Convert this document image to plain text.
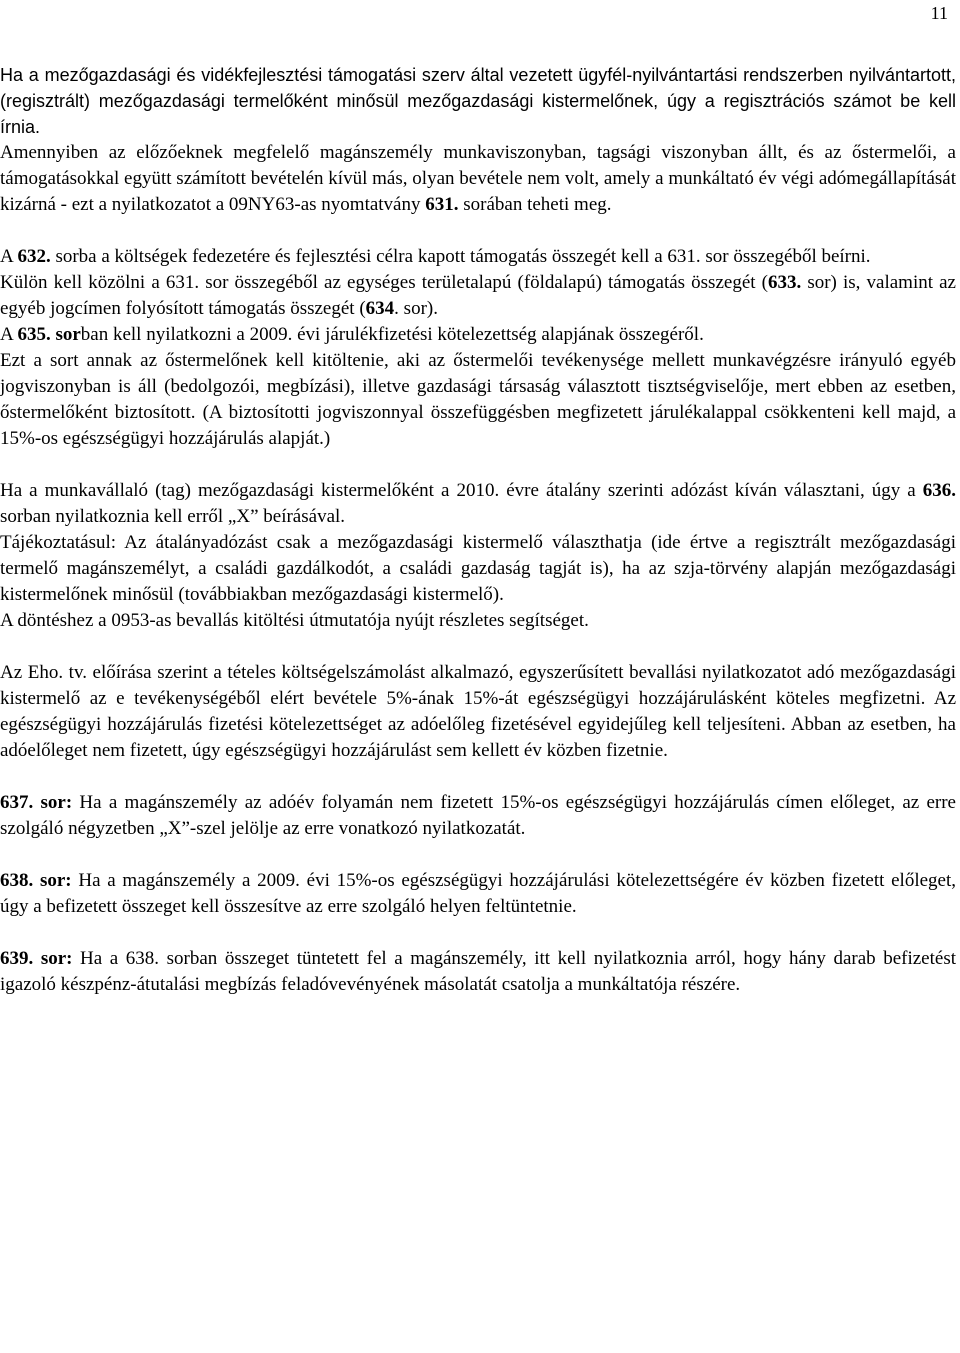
11

Ha a mezőgazdasági és vidékfejlesztési támogatási szerv által vezetett ügyfél-nyilvántartási rendszerben nyilvántartott, (regisztrált) mezőgazdasági termelőként minősül mezőgazdasági kistermelőnek, úgy a regisztrációs számot be kell írnia.

Amennyiben az előzőeknek megfelelő magánszemély munkaviszonyban, tagsági viszonyban állt, és az őstermelői, a támogatásokkal együtt számított bevételén kívül más, olyan bevétele nem volt, amely a munkáltató év végi adómegállapítását kizárná - ezt a nyilatkozatot a 09NY63-as nyomtatvány 631. sorában teheti meg.

A 632. sorba a költségek fedezetére és fejlesztési célra kapott támogatás összegét kell a 631. sor összegéből beírni.

Külön kell közölni a 631. sor összegéből az egységes területalapú (földalapú) támogatás összegét (633. sor) is, valamint az egyéb jogcímen folyósított támogatás összegét (634. sor).

A 635. sorban kell nyilatkozni a 2009. évi járulékfizetési kötelezettség alapjának összegéről.

Ezt a sort annak az őstermelőnek kell kitöltenie, aki az őstermelői tevékenysége mellett munkavégzésre irányuló egyéb jogviszonyban is áll (bedolgozói, megbízási), illetve gazdasági társaság választott tisztségviselője, mert ebben az esetben, őstermelőként biztosított. (A biztosítotti jogviszonnyal összefüggésben megfizetett járulékalappal csökkenteni kell majd, a 15%-os egészségügyi hozzájárulás alapját.)

Ha a munkavállaló (tag) mezőgazdasági kistermelőként a 2010. évre átalány szerinti adózást kíván választani, úgy a 636. sorban nyilatkoznia kell erről „X” beírásával.

Tájékoztatásul: Az átalányadózást csak a mezőgazdasági kistermelő választhatja (ide értve a regisztrált mezőgazdasági termelő magánszemélyt, a családi gazdálkodót, a családi gazdaság tagját is), ha az szja-törvény alapján mezőgazdasági kistermelőnek minősül (továbbiakban mezőgazdasági kistermelő).

A döntéshez a 0953-as bevallás kitöltési útmutatója nyújt részletes segítséget.

Az Eho. tv. előírása szerint a tételes költségelszámolást alkalmazó, egyszerűsített bevallási nyilatkozatot adó mezőgazdasági kistermelő az e tevékenységéből elért bevétele 5%-ának 15%-át egészségügyi hozzájárulásként köteles megfizetni. Az egészségügyi hozzájárulás fizetési kötelezettséget az adóelőleg fizetésével egyidejűleg kell teljesíteni. Abban az esetben, ha adóelőleget nem fizetett, úgy egészségügyi hozzájárulást sem kellett év közben fizetnie.

637. sor: Ha a magánszemély az adóév folyamán nem fizetett 15%-os egészségügyi hozzájárulás címen előleget, az erre szolgáló négyzetben „X”-szel jelölje az erre vonatkozó nyilatkozatát.

638. sor: Ha a magánszemély a 2009. évi 15%-os egészségügyi hozzájárulási kötelezettségére év közben fizetett előleget, úgy a befizetett összeget kell összesítve az erre szolgáló helyen feltüntetnie.

639. sor: Ha a 638. sorban összeget tüntetett fel a magánszemély, itt kell nyilatkoznia arról, hogy hány darab befizetést igazoló készpénz-átutalási megbízás feladóvevényének másolatát csatolja a munkáltatója részére.
